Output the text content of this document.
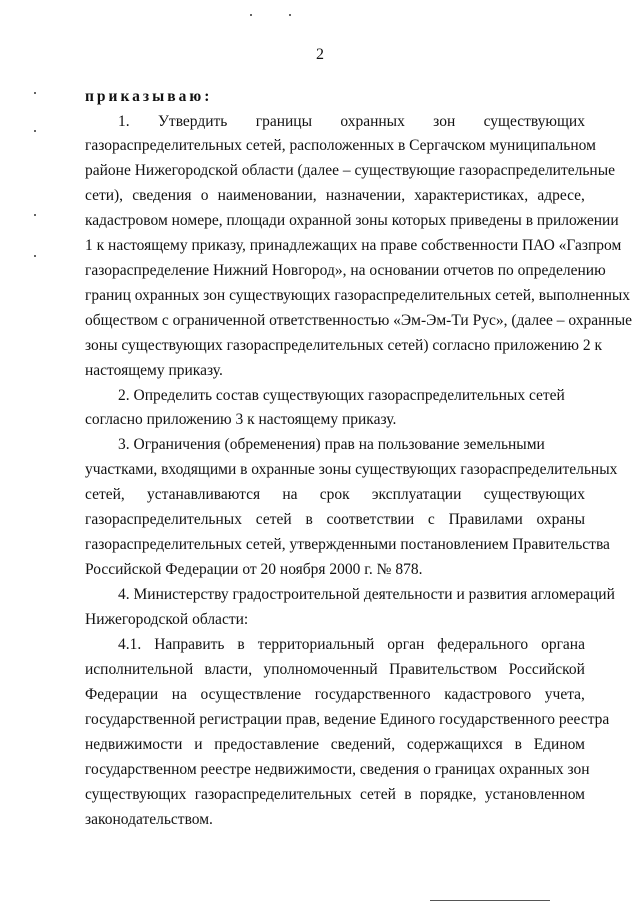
2
приказываю:
1. Утвердить границы охранных зон существующих
газораспределительных сетей, расположенных в Сергачском муниципальном
районе Нижегородской области (далее – существующие газораспределительные
сети), сведения о наименовании, назначении, характеристиках, адресе,
кадастровом номере, площади охранной зоны которых приведены в приложении
1 к настоящему приказу, принадлежащих на праве собственности ПАО «Газпром
газораспределение Нижний Новгород», на основании отчетов по определению
границ охранных зон существующих газораспределительных сетей, выполненных
обществом с ограниченной ответственностью «Эм-Эм-Ти Рус», (далее – охранные
зоны существующих газораспределительных сетей) согласно приложению 2 к
настоящему приказу.
2. Определить состав существующих газораспределительных сетей
согласно приложению 3 к настоящему приказу.
3. Ограничения (обременения) прав на пользование земельными
участками, входящими в охранные зоны существующих газораспределительных
сетей, устанавливаются на срок эксплуатации существующих
газораспределительных сетей в соответствии с Правилами охраны
газораспределительных сетей, утвержденными постановлением Правительства
Российской Федерации от 20 ноября 2000 г. № 878.
4. Министерству градостроительной деятельности и развития агломераций
Нижегородской области:
4.1. Направить в территориальный орган федерального органа
исполнительной власти, уполномоченный Правительством Российской
Федерации на осуществление государственного кадастрового учета,
государственной регистрации прав, ведение Единого государственного реестра
недвижимости и предоставление сведений, содержащихся в Едином
государственном реестре недвижимости, сведения о границах охранных зон
существующих газораспределительных сетей в порядке, установленном
законодательством.
